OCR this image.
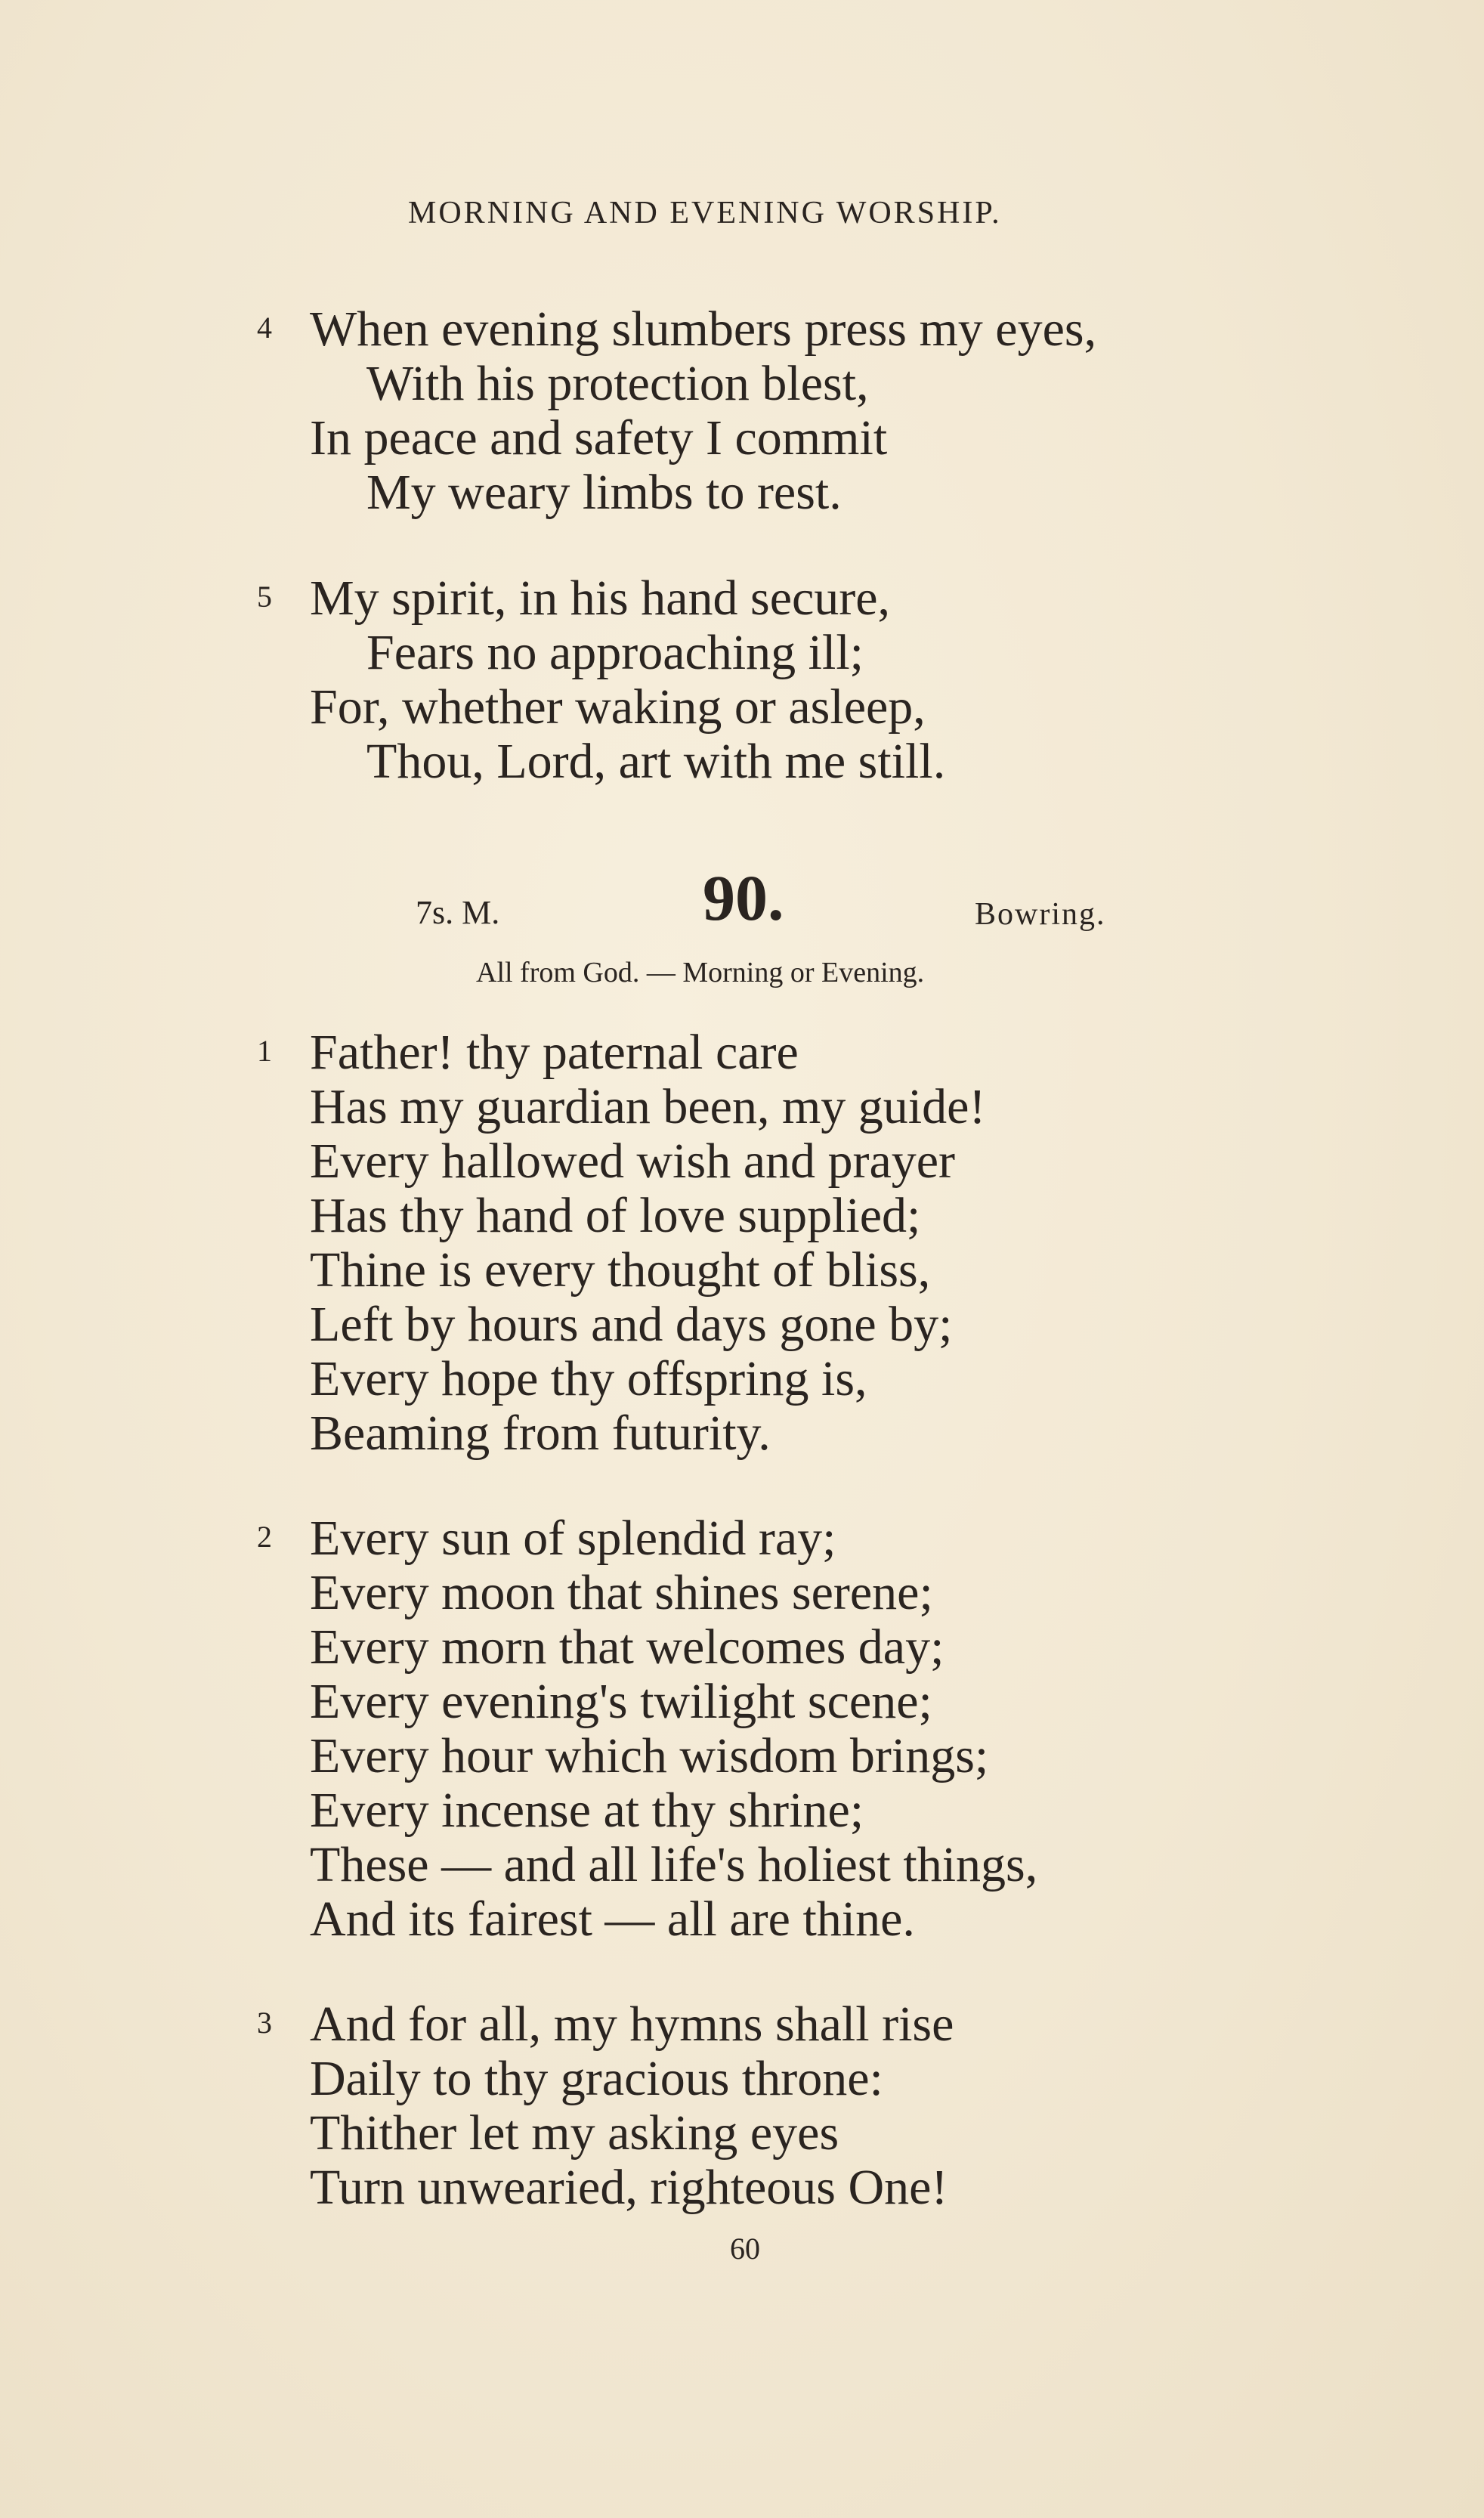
MORNING AND EVENING WORSHIP.
4 When evening slumbers press my eyes,
With his protection blest,
In peace and safety I commit
My weary limbs to rest.
5 My spirit, in his hand secure,
Fears no approaching ill;
For, whether waking or asleep,
Thou, Lord, art with me still.
7s. M.	90.	Bowring.
All from God. — Morning or Evening.
1 Father! thy paternal care
Has my guardian been, my guide!
Every hallowed wish and prayer
Has thy hand of love supplied;
Thine is every thought of bliss,
Left by hours and days gone by;
Every hope thy offspring is,
Beaming from futurity.
2 Every sun of splendid ray;
Every moon that shines serene;
Every morn that welcomes day;
Every evening's twilight scene;
Every hour which wisdom brings;
Every incense at thy shrine;
These — and all life's holiest things,
And its fairest — all are thine.
3 And for all, my hymns shall rise
Daily to thy gracious throne:
Thither let my asking eyes
Turn unwearied, righteous One!
60
